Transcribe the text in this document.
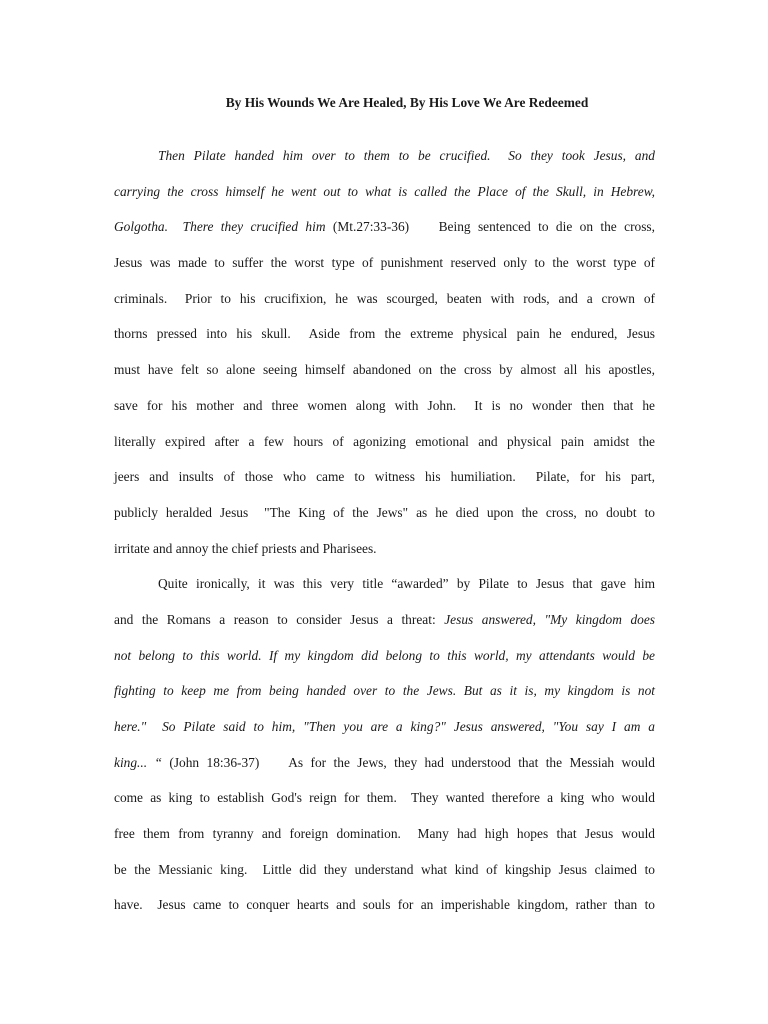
By His Wounds We Are Healed, By His Love We Are Redeemed
Then Pilate handed him over to them to be crucified.  So they took Jesus, and
carrying the cross himself he went out to what is called the Place of the Skull, in Hebrew,
Golgotha.  There they crucified him (Mt.27:33-36)    Being sentenced to die on the cross,
Jesus was made to suffer the worst type of punishment reserved only to the worst type of
criminals.  Prior to his crucifixion, he was scourged, beaten with rods, and a crown of
thorns pressed into his skull.  Aside from the extreme physical pain he endured, Jesus
must have felt so alone seeing himself abandoned on the cross by almost all his apostles,
save for his mother and three women along with John.  It is no wonder then that he
literally expired after a few hours of agonizing emotional and physical pain amidst the
jeers and insults of those who came to witness his humiliation.  Pilate, for his part,
publicly heralded Jesus  "The King of the Jews" as he died upon the cross, no doubt to
irritate and annoy the chief priests and Pharisees.
Quite ironically, it was this very title “awarded” by Pilate to Jesus that gave him
and the Romans a reason to consider Jesus a threat: Jesus answered, "My kingdom does
not belong to this world. If my kingdom did belong to this world, my attendants would be
fighting to keep me from being handed over to the Jews. But as it is, my kingdom is not
here."  So Pilate said to him, "Then you are a king?" Jesus answered, "You say I am a
king... “ (John 18:36-37)    As for the Jews, they had understood that the Messiah would
come as king to establish God's reign for them.  They wanted therefore a king who would
free them from tyranny and foreign domination.  Many had high hopes that Jesus would
be the Messianic king.  Little did they understand what kind of kingship Jesus claimed to
have.  Jesus came to conquer hearts and souls for an imperishable kingdom, rather than to
